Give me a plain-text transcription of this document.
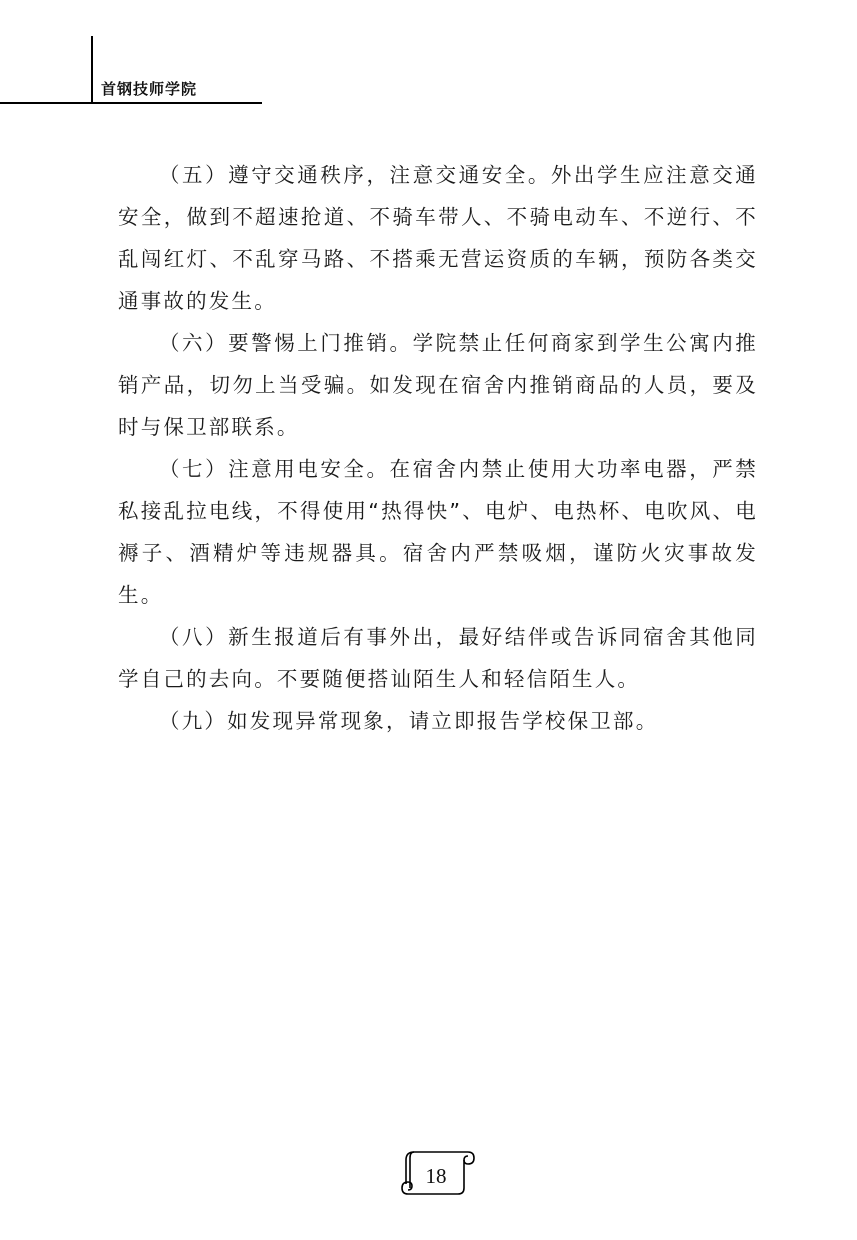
首钢技师学院

（五）遵守交通秩序，注意交通安全。外出学生应注意交通安全，做到不超速抢道、不骑车带人、不骑电动车、不逆行、不乱闯红灯、不乱穿马路、不搭乘无营运资质的车辆，预防各类交通事故的发生。

（六）要警惕上门推销。学院禁止任何商家到学生公寓内推销产品，切勿上当受骗。如发现在宿舍内推销商品的人员，要及时与保卫部联系。

（七）注意用电安全。在宿舍内禁止使用大功率电器，严禁私接乱拉电线，不得使用“热得快”、电炉、电热杯、电吹风、电褥子、酒精炉等违规器具。宿舍内严禁吸烟，谨防火灾事故发生。

（八）新生报道后有事外出，最好结伴或告诉同宿舍其他同学自己的去向。不要随便搭讪陌生人和轻信陌生人。

（九）如发现异常现象，请立即报告学校保卫部。

18
